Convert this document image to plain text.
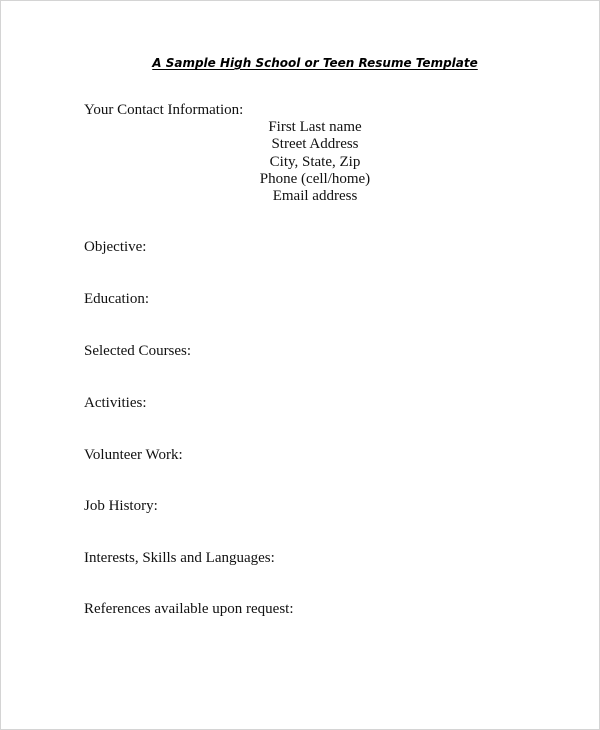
A Sample High School or Teen Resume Template
Your Contact Information:
First Last name
Street Address
City, State, Zip
Phone (cell/home)
Email address
Objective:
Education:
Selected Courses:
Activities:
Volunteer Work:
Job History:
Interests, Skills and Languages:
References available upon request:
